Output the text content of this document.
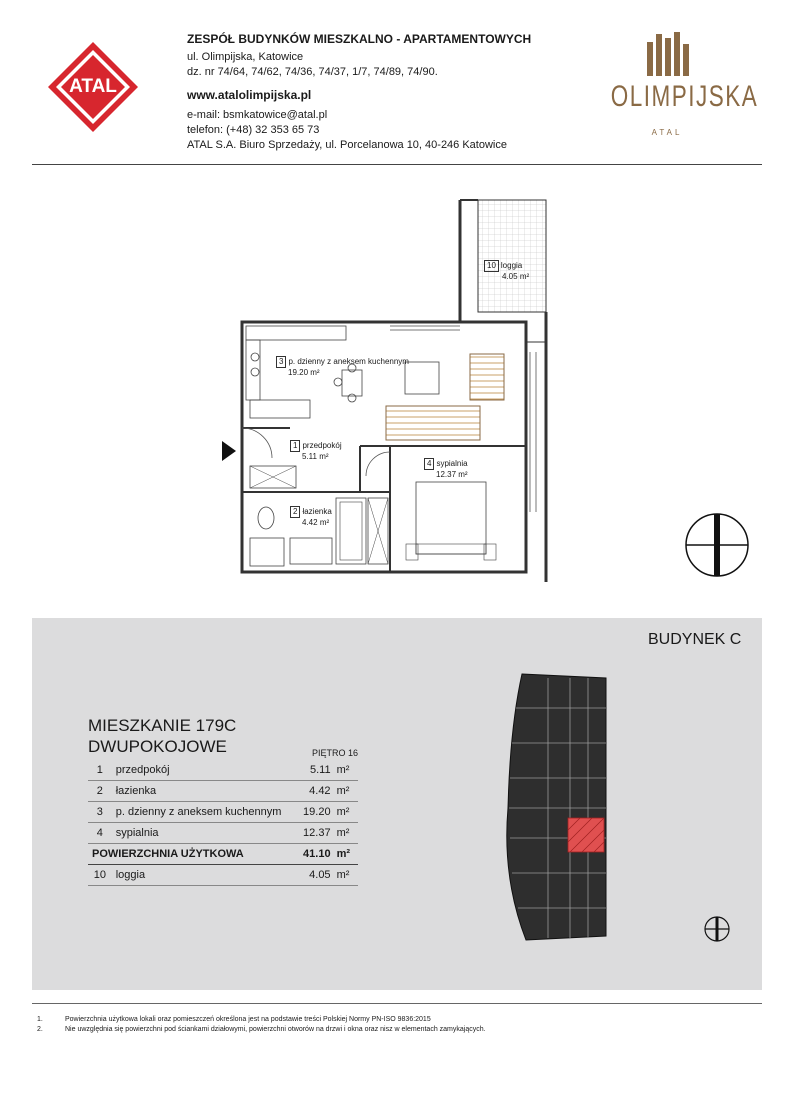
ATAL
ZESPÓŁ BUDYNKÓW MIESZKALNO - APARTAMENTOWYCH
ul. Olimpijska, Katowice
dz. nr 74/64, 74/62, 74/36, 74/37, 1/7, 74/89, 74/90.
www.atalolimpijska.pl
e-mail: bsmkatowice@atal.pl
telefon: (+48) 32 353 65 73
ATAL S.A. Biuro Sprzedaży, ul. Porcelanowa 10, 40-246 Katowice
OLIMPIJSKA
ATAL
10 loggia
4.05 m²
3 p. dzienny z aneksem kuchennym
19.20 m²
1 przedpokój
5.11 m²
2 łazienka
4.42 m²
4 sypialnia
12.37 m²
BUDYNEK C
MIESZKANIE 179C
DWUPOKOJOWE	PIĘTRO 16
1	przedpokój	5.11	m²
2	łazienka	4.42	m²
3	p. dzienny z aneksem kuchennym	19.20	m²
4	sypialnia	12.37	m²
POWIERZCHNIA UŻYTKOWA		41.10	m²
10	loggia	4.05	m²
1.	Powierzchnia użytkowa lokali oraz pomieszczeń określona jest na podstawie treści Polskiej Normy PN-ISO 9836:2015
2.	Nie uwzględnia się powierzchni pod ściankami działowymi, powierzchni otworów na drzwi i okna oraz nisz w elementach zamykających.
